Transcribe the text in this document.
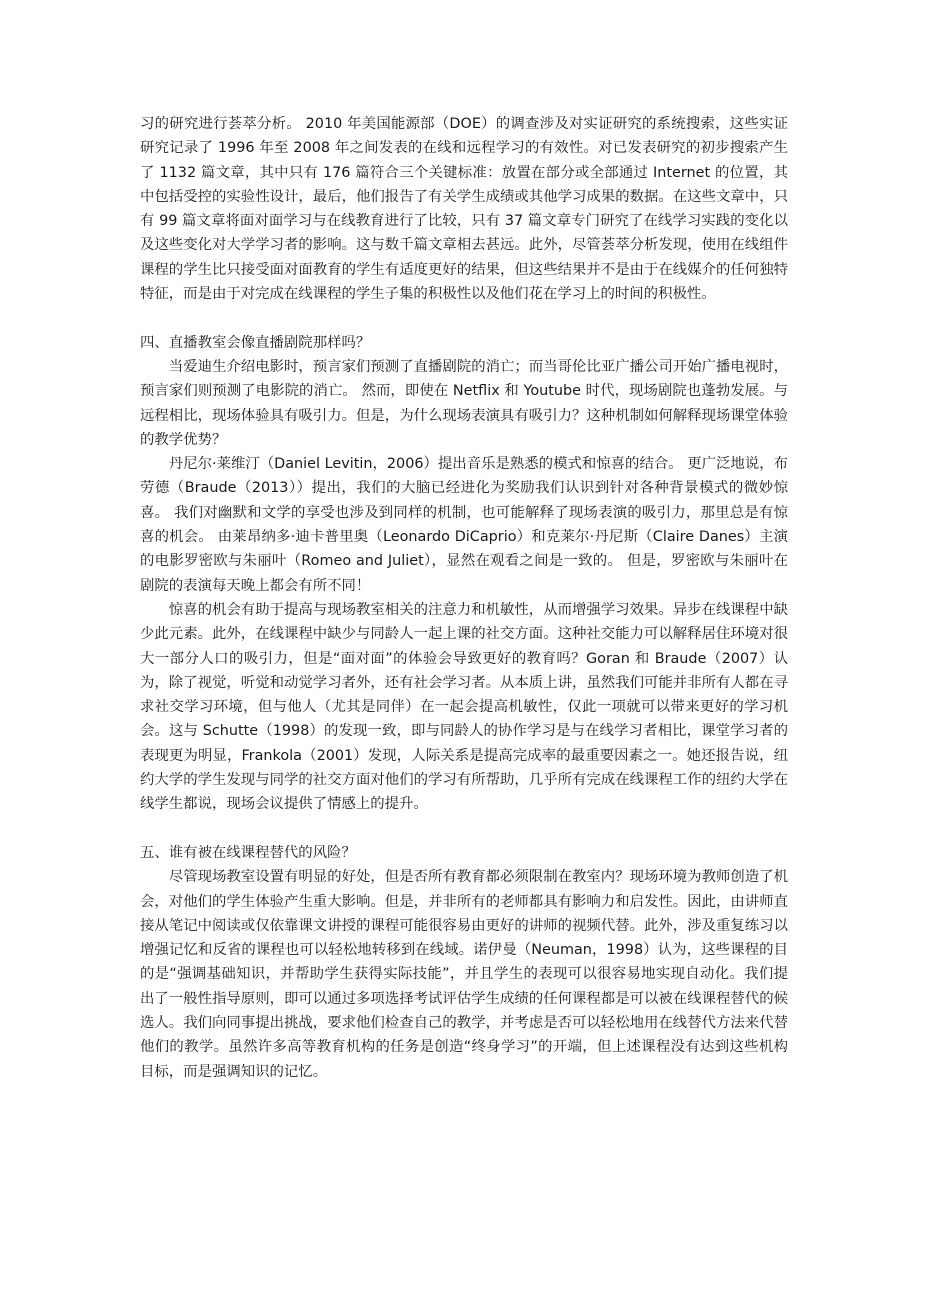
习的研究进行荟萃分析。 2010 年美国能源部（DOE）的调查涉及对实证研究的系统搜索，这些实证研究记录了 1996 年至 2008 年之间发表的在线和远程学习的有效性。对已发表研究的初步搜索产生了 1132 篇文章，其中只有 176 篇符合三个关键标准：放置在部分或全部通过 Internet 的位置，其中包括受控的实验性设计，最后，他们报告了有关学生成绩或其他学习成果的数据。在这些文章中，只有 99 篇文章将面对面学习与在线教育进行了比较，只有 37 篇文章专门研究了在线学习实践的变化以及这些变化对大学学习者的影响。这与数千篇文章相去甚远。此外，尽管荟萃分析发现，使用在线组件课程的学生比只接受面对面教育的学生有适度更好的结果，但这些结果并不是由于在线媒介的任何独特特征，而是由于对完成在线课程的学生子集的积极性以及他们花在学习上的时间的积极性。

四、直播教室会像直播剧院那样吗？

当爱迪生介绍电影时，预言家们预测了直播剧院的消亡；而当哥伦比亚广播公司开始广播电视时，预言家们则预测了电影院的消亡。 然而，即使在 Netflix 和 Youtube 时代，现场剧院也蓬勃发展。与远程相比，现场体验具有吸引力。但是，为什么现场表演具有吸引力？这种机制如何解释现场课堂体验的教学优势？

丹尼尔·莱维汀（Daniel Levitin，2006）提出音乐是熟悉的模式和惊喜的结合。 更广泛地说，布劳德（Braude（2013））提出，我们的大脑已经进化为奖励我们认识到针对各种背景模式的微妙惊喜。 我们对幽默和文学的享受也涉及到同样的机制，也可能解释了现场表演的吸引力，那里总是有惊喜的机会。 由莱昂纳多·迪卡普里奥（Leonardo DiCaprio）和克莱尔·丹尼斯（Claire Danes）主演的电影罗密欧与朱丽叶（Romeo and Juliet），显然在观看之间是一致的。 但是，罗密欧与朱丽叶在剧院的表演每天晚上都会有所不同！

惊喜的机会有助于提高与现场教室相关的注意力和机敏性，从而增强学习效果。异步在线课程中缺少此元素。此外，在线课程中缺少与同龄人一起上课的社交方面。这种社交能力可以解释居住环境对很大一部分人口的吸引力，但是“面对面”的体验会导致更好的教育吗？Goran 和 Braude（2007）认为，除了视觉，听觉和动觉学习者外，还有社会学习者。从本质上讲，虽然我们可能并非所有人都在寻求社交学习环境，但与他人（尤其是同伴）在一起会提高机敏性，仅此一项就可以带来更好的学习机会。这与 Schutte（1998）的发现一致，即与同龄人的协作学习是与在线学习者相比，课堂学习者的表现更为明显，Frankola（2001）发现，人际关系是提高完成率的最重要因素之一。她还报告说，纽约大学的学生发现与同学的社交方面对他们的学习有所帮助，几乎所有完成在线课程工作的纽约大学在线学生都说，现场会议提供了情感上的提升。

五、谁有被在线课程替代的风险？

尽管现场教室设置有明显的好处，但是否所有教育都必须限制在教室内？现场环境为教师创造了机会，对他们的学生体验产生重大影响。但是，并非所有的老师都具有影响力和启发性。因此，由讲师直接从笔记中阅读或仅依靠课文讲授的课程可能很容易由更好的讲师的视频代替。此外，涉及重复练习以增强记忆和反省的课程也可以轻松地转移到在线域。诺伊曼（Neuman，1998）认为，这些课程的目的是“强调基础知识，并帮助学生获得实际技能”，并且学生的表现可以很容易地实现自动化。我们提出了一般性指导原则，即可以通过多项选择考试评估学生成绩的任何课程都是可以被在线课程替代的候选人。我们向同事提出挑战，要求他们检查自己的教学，并考虑是否可以轻松地用在线替代方法来代替他们的教学。虽然许多高等教育机构的任务是创造“终身学习”的开端，但上述课程没有达到这些机构目标，而是强调知识的记忆。
